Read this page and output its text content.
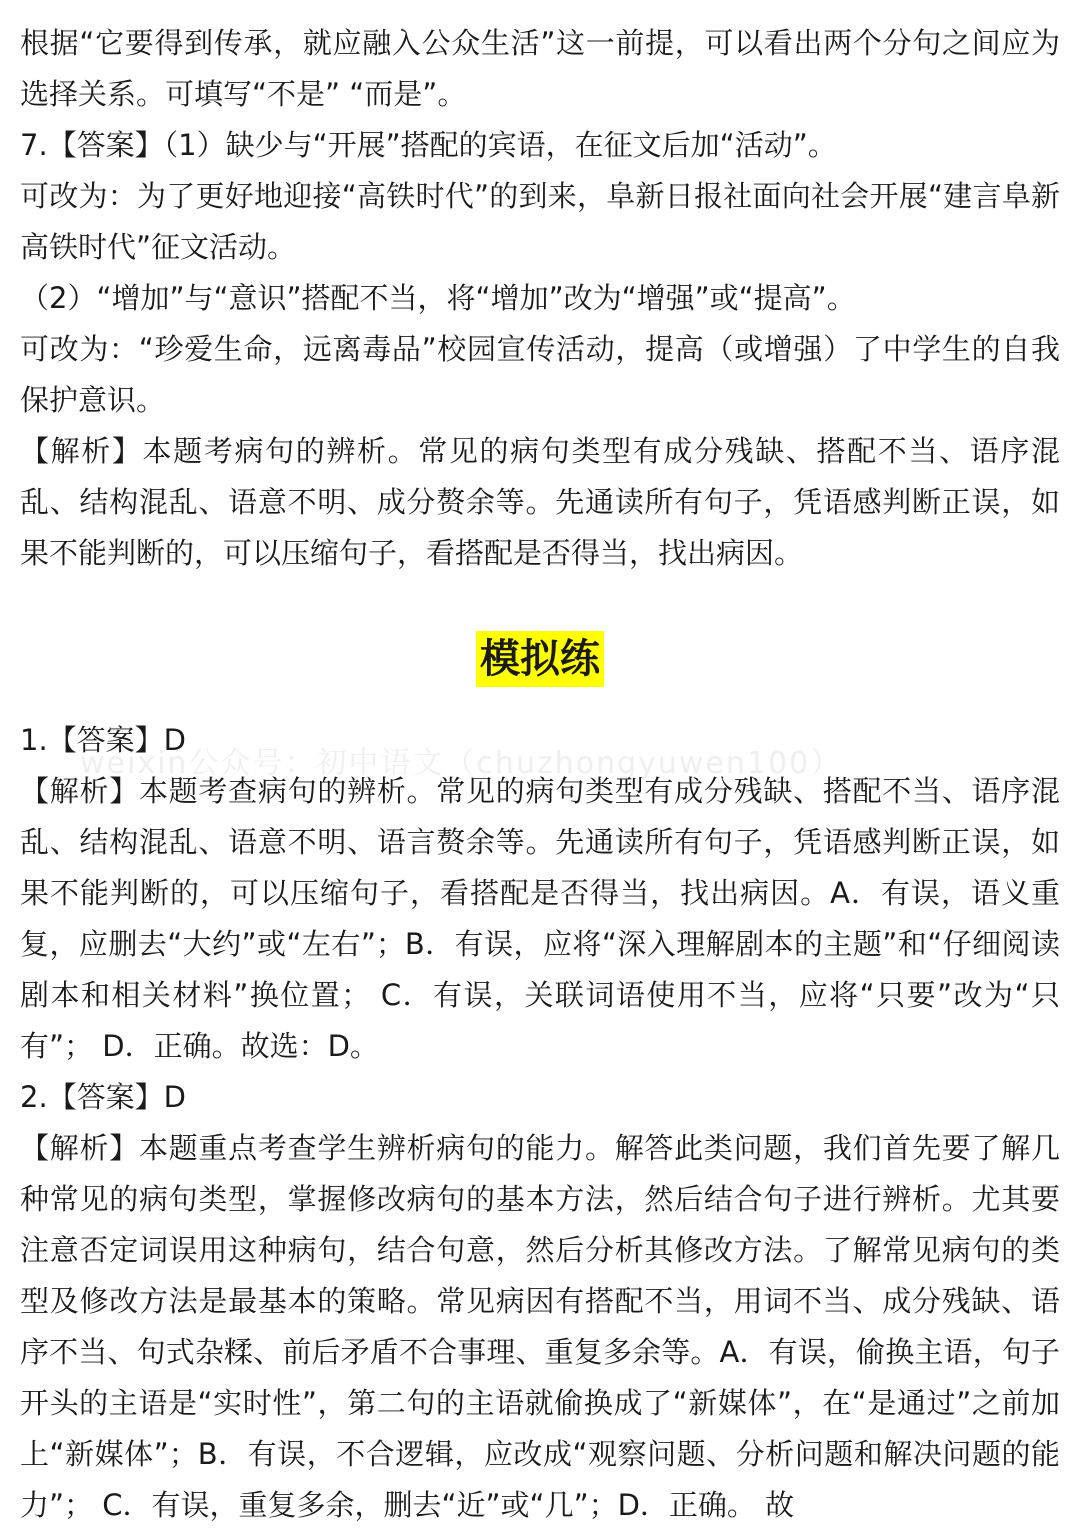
根据“它要得到传承，就应融入公众生活”这一前提，可以看出两个分句之间应为选择关系。可填写“不是” “而是”。

7.【答案】（1）缺少与“开展”搭配的宾语，在征文后加“活动”。

可改为：为了更好地迎接“高铁时代”的到来，阜新日报社面向社会开展“建言阜新高铁时代”征文活动。

（2）“增加”与“意识”搭配不当，将“增加”改为“增强”或“提高”。

可改为：“珍爱生命，远离毒品”校园宣传活动，提高（或增强）了中学生的自我保护意识。

【解析】本题考病句的辨析。常见的病句类型有成分残缺、搭配不当、语序混乱、结构混乱、语意不明、成分赘余等。先通读所有句子，凭语感判断正误，如果不能判断的，可以压缩句子，看搭配是否得当，找出病因。

模拟练

1.【答案】D

【解析】本题考查病句的辨析。常见的病句类型有成分残缺、搭配不当、语序混乱、结构混乱、语意不明、语言赘余等。先通读所有句子，凭语感判断正误，如果不能判断的，可以压缩句子，看搭配是否得当，找出病因。A．有误，语义重复，应删去“大约”或“左右”；B．有误，应将“深入理解剧本的主题”和“仔细阅读剧本和相关材料”换位置； C．有误，关联词语使用不当，应将“只要”改为“只有”； D．正确。故选：D。

2.【答案】D

【解析】本题重点考查学生辨析病句的能力。解答此类问题，我们首先要了解几种常见的病句类型，掌握修改病句的基本方法，然后结合句子进行辨析。尤其要注意否定词误用这种病句，结合句意，然后分析其修改方法。了解常见病句的类型及修改方法是最基本的策略。常见病因有搭配不当，用词不当、成分残缺、语序不当、句式杂糅、前后矛盾不合事理、重复多余等。A．有误，偷换主语，句子开头的主语是“实时性”，第二句的主语就偷换成了“新媒体”，在“是通过”之前加上“新媒体”；B．有误，不合逻辑，应改成“观察问题、分析问题和解决问题的能力”； C．有误，重复多余，删去“近”或“几”；D．正确。 故

weixin公众号：初中语文（chuzhongyuwen100）
